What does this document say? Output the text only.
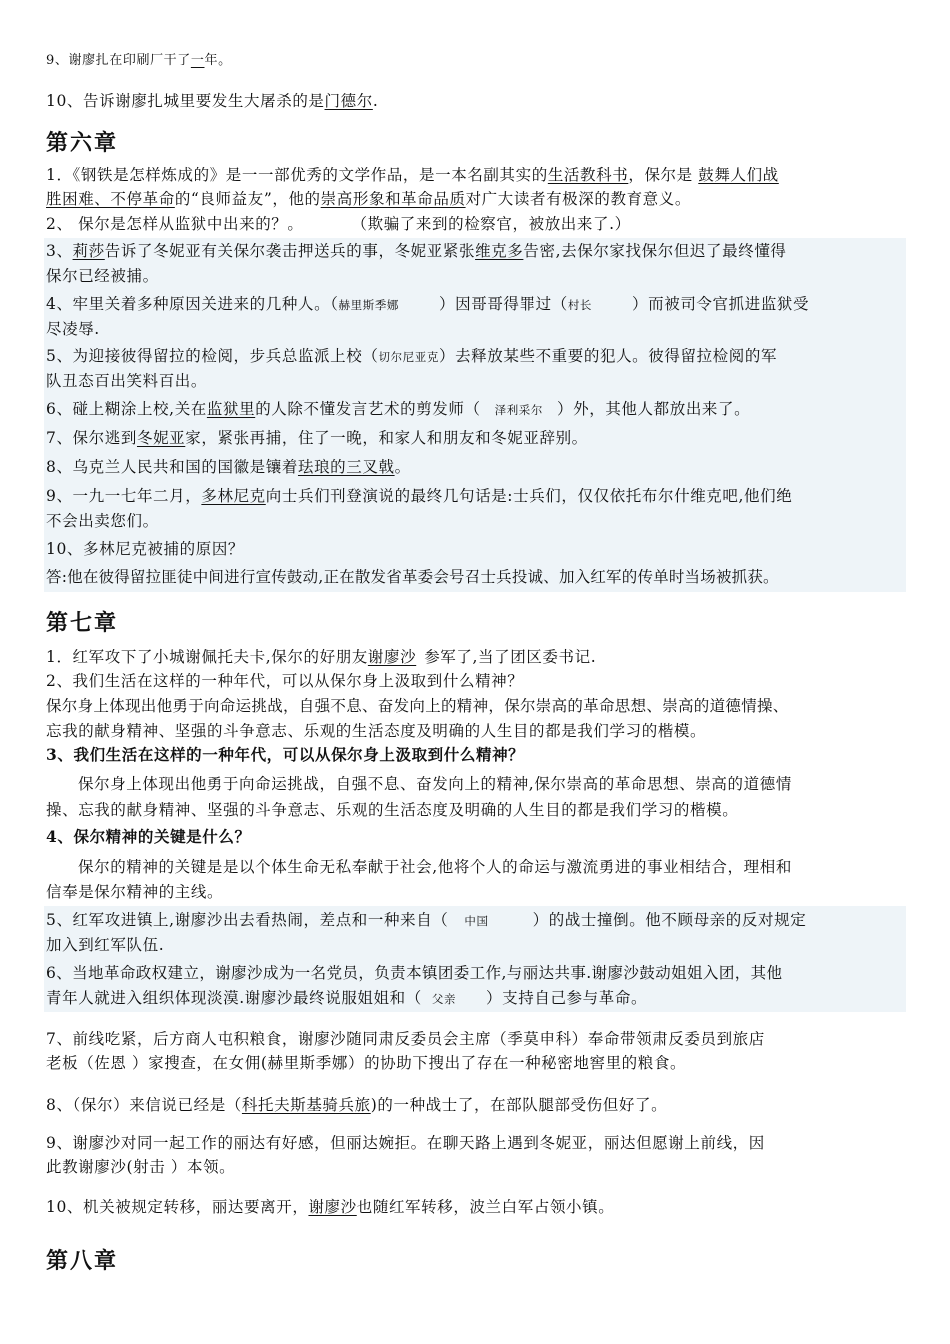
9、谢廖扎在印刷厂干了一年。
10、告诉谢廖扎城里要发生大屠杀的是门德尔.
第六章
1．《钢铁是怎样炼成的》是一一部优秀的文学作品，是一本名副其实的生活教科书，保尔是 鼓舞人们战
胜困难、不停革命的“良师益友”，他的崇高形象和革命品质对广大读者有极深的教育意义。
2、 保尔是怎样从监狱中出来的？。	（欺骗了来到的检察官，被放出来了.）
3、莉莎告诉了冬妮亚有关保尔袭击押送兵的事，冬妮亚紧张维克多告密,去保尔家找保尔但迟了最终懂得
保尔已经被捕。
4、牢里关着多种原因关进来的几种人。（赫里斯季娜	）因哥哥得罪过（村长	）而被司令官抓进监狱受
尽凌辱.
5、为迎接彼得留拉的检阅，步兵总监派上校（切尔尼亚克）去释放某些不重要的犯人。彼得留拉检阅的军
队丑态百出笑料百出。
6、碰上糊涂上校,关在监狱里的人除不懂发言艺术的剪发师（ 泽利采尔 ）外，其他人都放出来了。
7、保尔逃到冬妮亚家，紧张再捕，住了一晚，和家人和朋友和冬妮亚辞别。
8、乌克兰人民共和国的国徽是镶着珐琅的三叉戟。
9、一九一七年二月，多林尼克向士兵们刊登演说的最终几句话是:士兵们，仅仅依托布尔什维克吧,他们绝
不会出卖您们。
10、多林尼克被捕的原因？
答:他在彼得留拉匪徒中间进行宣传鼓动,正在散发省革委会号召士兵投诚、加入红军的传单时当场被抓获。
第七章
1．红军攻下了小城谢佩托夫卡,保尔的好朋友谢廖沙 参军了,当了团区委书记.
2、我们生活在这样的一种年代，可以从保尔身上汲取到什么精神？
保尔身上体现出他勇于向命运挑战，自强不息、奋发向上的精神，保尔崇高的革命思想、崇高的道德情操、
忘我的献身精神、坚强的斗争意志、乐观的生活态度及明确的人生目的都是我们学习的楷模。
3、我们生活在这样的一种年代，可以从保尔身上汲取到什么精神？
保尔身上体现出他勇于向命运挑战，自强不息、奋发向上的精神,保尔崇高的革命思想、崇高的道德情
操、忘我的献身精神、坚强的斗争意志、乐观的生活态度及明确的人生目的都是我们学习的楷模。
4、保尔精神的关键是什么？
保尔的精神的关键是是以个体生命无私奉献于社会,他将个人的命运与激流勇进的事业相结合，理相和
信奉是保尔精神的主线。
5、红军攻进镇上,谢廖沙出去看热闹，差点和一种来自（ 中国	）的战士撞倒。他不顾母亲的反对规定
加入到红军队伍.
6、当地革命政权建立，谢廖沙成为一名党员，负责本镇团委工作,与丽达共事.谢廖沙鼓动姐姐入团，其他
青年人就进入组织体现淡漠.谢廖沙最终说服姐姐和（ 父亲 ）支持自己参与革命。
7、前线吃紧，后方商人屯积粮食，谢廖沙随同肃反委员会主席（季莫申科）奉命带领肃反委员到旅店
老板（佐恩 ）家搜查，在女佣(赫里斯季娜）的协助下搜出了存在一种秘密地窖里的粮食。
8、（保尔）来信说已经是（科托夫斯基骑兵旅)的一种战士了，在部队腿部受伤但好了。
9、谢廖沙对同一起工作的丽达有好感，但丽达婉拒。在聊天路上遇到冬妮亚，丽达但愿谢上前线，因
此教谢廖沙(射击 ）本领。
10、机关被规定转移，丽达要离开，谢廖沙也随红军转移，波兰白军占领小镇。
第八章
